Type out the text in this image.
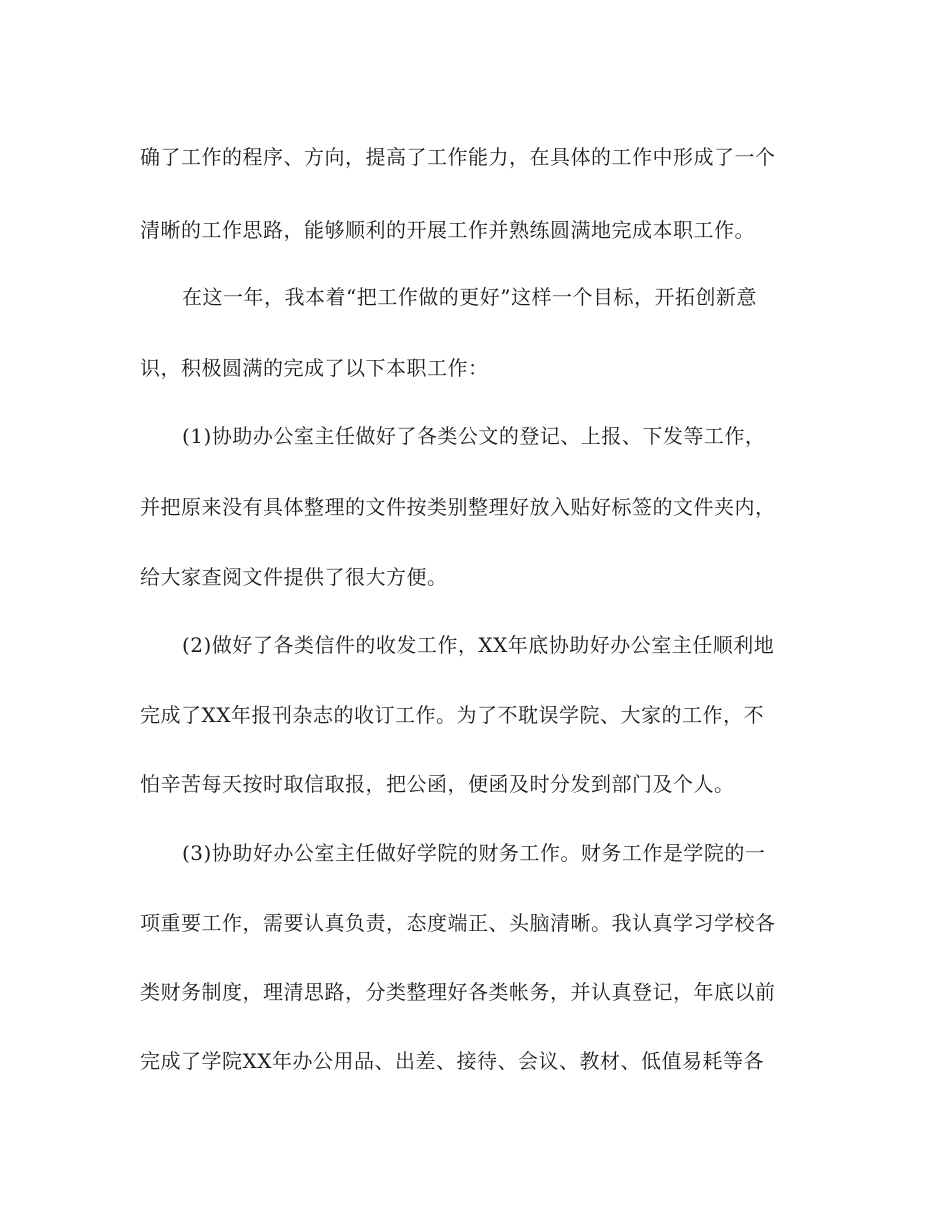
确了工作的程序、方向，提高了工作能力，在具体的工作中形成了一个
清晰的工作思路，能够顺利的开展工作并熟练圆满地完成本职工作。
在这一年，我本着“把工作做的更好”这样一个目标，开拓创新意
识，积极圆满的完成了以下本职工作：
(1)协助办公室主任做好了各类公文的登记、上报、下发等工作，
并把原来没有具体整理的文件按类别整理好放入贴好标签的文件夹内，
给大家查阅文件提供了很大方便。
(2)做好了各类信件的收发工作，XX年底协助好办公室主任顺利地
完成了XX年报刊杂志的收订工作。为了不耽误学院、大家的工作，不
怕辛苦每天按时取信取报，把公函，便函及时分发到部门及个人。
(3)协助好办公室主任做好学院的财务工作。财务工作是学院的一
项重要工作，需要认真负责，态度端正、头脑清晰。我认真学习学校各
类财务制度，理清思路，分类整理好各类帐务，并认真登记，年底以前
完成了学院XX年办公用品、出差、接待、会议、教材、低值易耗等各
